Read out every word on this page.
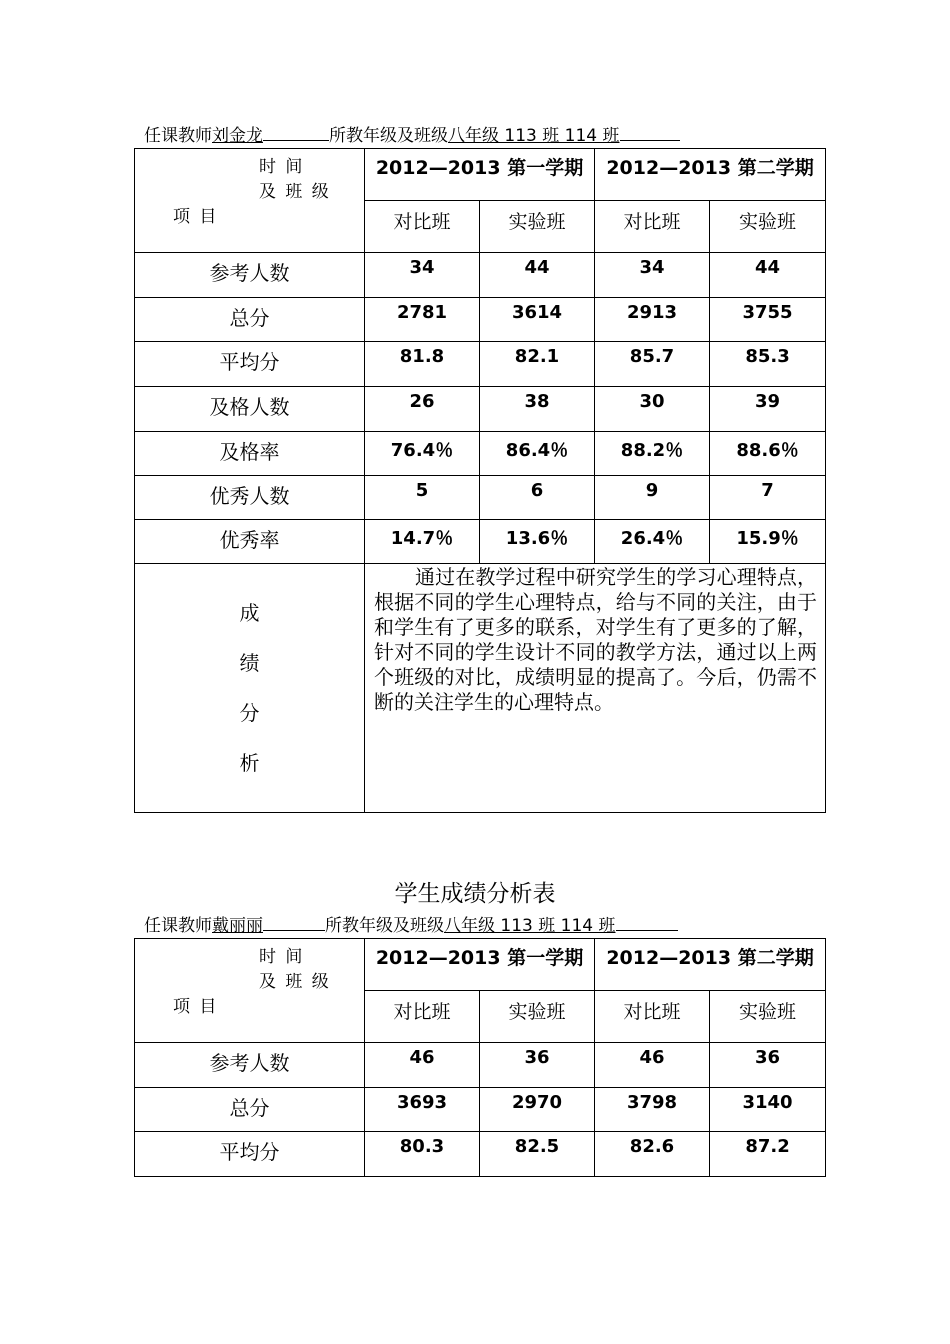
任课教师刘金龙	所教年级及班级八年级 113 班 114 班
时 间
及 班 级
项 目	2012—2013 第一学期		2012—2013 第二学期	
	对比班	实验班	对比班	实验班
参考人数	34	44	34	44
总分	2781	3614	2913	3755
平均分	81.8	82.1	85.7	85.3
及格人数	26	38	30	39
及格率	76.4％	86.4％	88.2％	88.6％
优秀人数	5	6	9	7
优秀率	14.7％	13.6％	26.4％	15.9％

成
绩
分
析	通过在教学过程中研究学生的学习心理特点，根据不同的学生心理特点，给与不同的关注，由于和学生有了更多的联系，对学生有了更多的了解，针对不同的学生设计不同的教学方法，通过以上两个班级的对比，成绩明显的提高了。今后，仍需不断的关注学生的心理特点。			
学生成绩分析表
任课教师戴丽丽	所教年级及班级八年级 113 班 114 班
时 间
及 班 级
项 目	2012—2013 第一学期		2012—2013 第二学期	
	对比班	实验班	对比班	实验班
参考人数	46	36	46	36
总分	3693	2970	3798	3140
平均分	80.3	82.5	82.6	87.2
